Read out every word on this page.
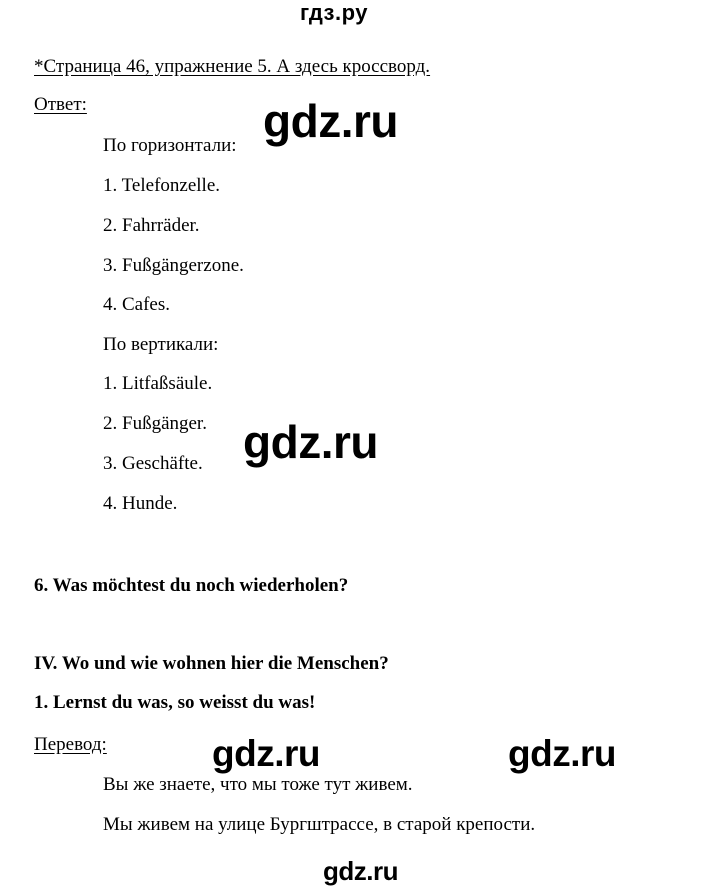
гдз.ру
*Страница 46, упражнение 5. А здесь кроссворд.
Ответ:
По горизонтали:
1. Telefonzelle.
2. Fahrräder.
3. Fußgängerzone.
4. Cafes.
По вертикали:
1. Litfaßsäule.
2. Fußgänger.
3. Geschäfte.
4. Hunde.
6. Was möchtest du noch wiederholen?
IV. Wo und wie wohnen hier die Menschen?
1. Lernst du was, so weisst du was!
Перевод:
Вы же знаете, что мы тоже тут живем.
Мы живем на улице Бургштрассе, в старой крепости.
gdz.ru
gdz.ru
gdz.ru	gdz.ru
gdz.ru
